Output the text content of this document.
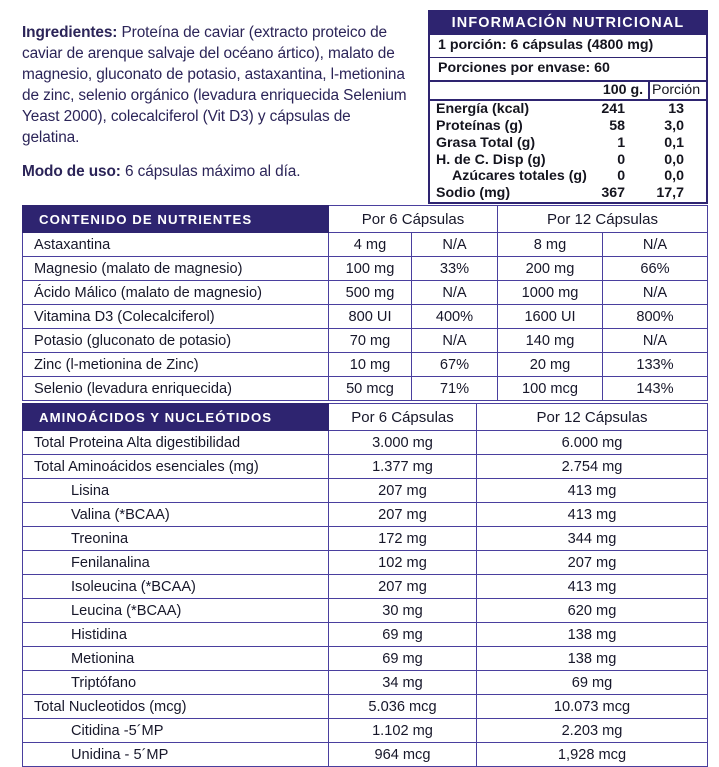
Ingredientes: Proteína de caviar (extracto proteico de caviar de arenque salvaje del océano ártico), malato de magnesio, gluconato de potasio, astaxantina, l-metionina de zinc, selenio orgánico (levadura enriquecida Selenium Yeast 2000), colecalciferol (Vit D3) y cápsulas de gelatina.

Modo de uso: 6 cápsulas máximo al día.

INFORMACIÓN NUTRICIONAL
1 porción: 6 cápsulas (4800 mg)
Porciones por envase: 60
	100 g.	Porción
Energía (kcal)	241	13
Proteínas (g)	58	3,0
Grasa Total (g)	1	0,1
H. de C. Disp (g)	0	0,0
Azúcares totales (g)	0	0,0
Sodio (mg)	367	17,7
CONTENIDO DE NUTRIENTES	Por 6 Cápsulas		Por 12 Cápsulas	
Astaxantina	4 mg	N/A	8 mg	N/A
Magnesio (malato de magnesio)	100 mg	33%	200 mg	66%
Ácido Málico (malato de magnesio)	500 mg	N/A	1000 mg	N/A
Vitamina D3 (Colecalciferol)	800 UI	400%	1600 UI	800%
Potasio (gluconato de potasio)	70 mg	N/A	140 mg	N/A
Zinc (l-metionina de Zinc)	10 mg	67%	20 mg	133%
Selenio (levadura enriquecida)	50 mcg	71%	100 mcg	143%
AMINOÁCIDOS Y NUCLEÓTIDOS	Por 6 Cápsulas	Por 12 Cápsulas
Total Proteina Alta digestibilidad	3.000 mg	6.000 mg
Total Aminoácidos esenciales (mg)	1.377 mg	2.754 mg
Lisina	207 mg	413 mg
Valina (*BCAA)	207 mg	413 mg
Treonina	172 mg	344 mg
Fenilanalina	102 mg	207 mg
Isoleucina (*BCAA)	207 mg	413 mg
Leucina (*BCAA)	30 mg	620 mg
Histidina	69 mg	138 mg
Metionina	69 mg	138 mg
Triptófano	34 mg	69 mg
Total Nucleotidos (mcg)	5.036 mcg	10.073 mcg
Citidina -5´MP	1.102 mg	2.203 mg
Unidina - 5´MP	964 mcg	1,928 mcg
